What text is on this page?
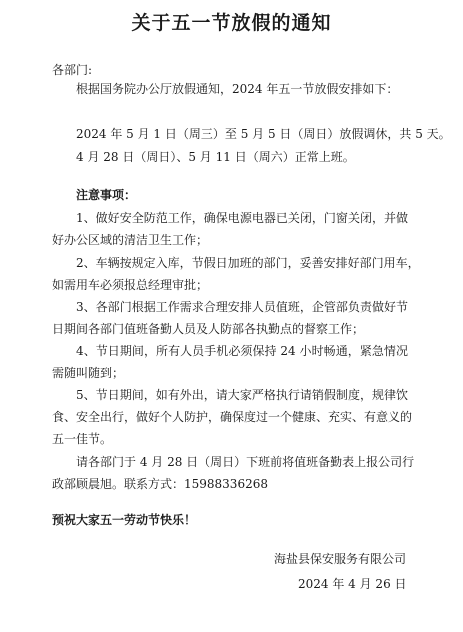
关于五一节放假的通知
各部门:
根据国务院办公厅放假通知，2024 年五一节放假安排如下：
2024 年 5 月 1 日（周三）至 5 月 5 日（周日）放假调休，共 5 天。
4 月 28 日（周日）、5 月 11 日（周六）正常上班。
注意事项：
1、做好安全防范工作，确保电源电器已关闭，门窗关闭，并做
好办公区域的清洁卫生工作；
2、车辆按规定入库，节假日加班的部门，妥善安排好部门用车，
如需用车必须报总经理审批；
3、各部门根据工作需求合理安排人员值班，企管部负责做好节
日期间各部门值班备勤人员及人防部各执勤点的督察工作；
4、节日期间，所有人员手机必须保持 24 小时畅通，紧急情况
需随叫随到；
5、节日期间，如有外出，请大家严格执行请销假制度，规律饮
食、安全出行，做好个人防护，确保度过一个健康、充实、有意义的
五一佳节。
请各部门于 4 月 28 日（周日）下班前将值班备勤表上报公司行
政部顾晨旭。联系方式：15988336268
预祝大家五一劳动节快乐！
海盐县保安服务有限公司
2024 年 4 月 26 日
